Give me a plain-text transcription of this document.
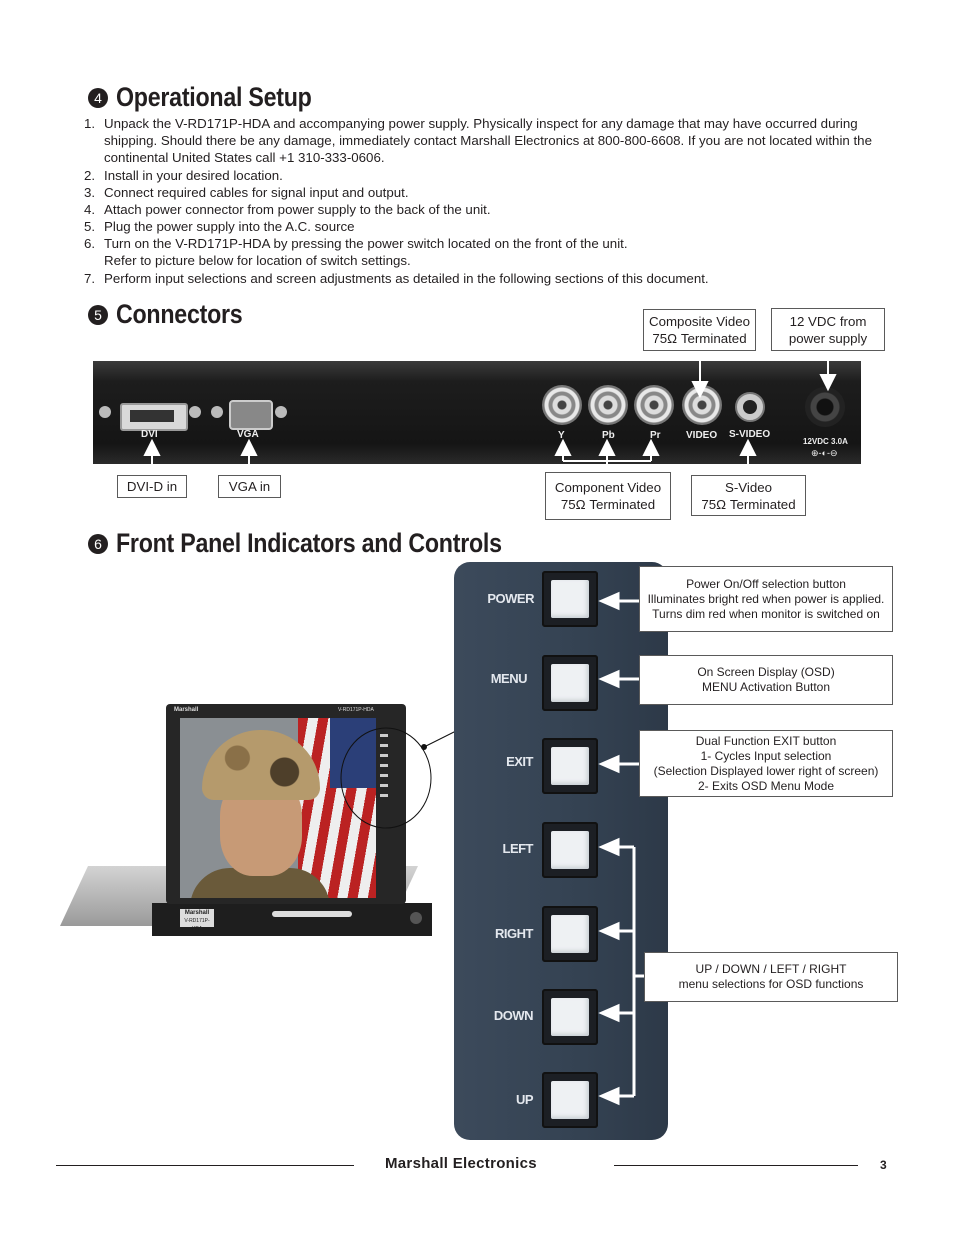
4 Operational Setup
1. Unpack the V-RD171P-HDA and accompanying power supply. Physically inspect for any damage that may have occurred during shipping. Should there be any damage, immediately contact Marshall Electronics at 800-800-6608. If you are not located within the continental United States call +1 310-333-0606.
2. Install in your desired location.
3. Connect required cables for signal input and output.
4. Attach power connector from power supply to the back of the unit.
5. Plug the power supply into the A.C. source
6. Turn on the V-RD171P-HDA by pressing the power switch located on the front of the unit.
Refer to picture below for location of switch settings.
7. Perform input selections and screen adjustments as detailed in the following sections of this document.
5 Connectors	Composite Video
75Ω Terminated
12 VDC from
power supply
DVI	VGA	Y	Pb	Pr	VIDEO S-VIDEO
12VDC 3.0A
⊕-◐-⊖
DVI-D in	VGA in	Component Video
75Ω Terminated
S-Video
75Ω Terminated
6 Front Panel Indicators and Controls
Marshall
V-RD171P-HDA
Marshall	V-RD171P-HDA
POWER
MENU
EXIT
LEFT
RIGHT
DOWN
UP
Power On/Off selection button
Illuminates bright red when power is applied.
Turns dim red when monitor is switched on
On Screen Display (OSD)
MENU Activation Button
Dual Function EXIT button
1- Cycles Input selection
(Selection Displayed lower right of screen)
2- Exits OSD Menu Mode
UP / DOWN / LEFT / RIGHT
menu selections for OSD functions
Marshall Electronics	3
